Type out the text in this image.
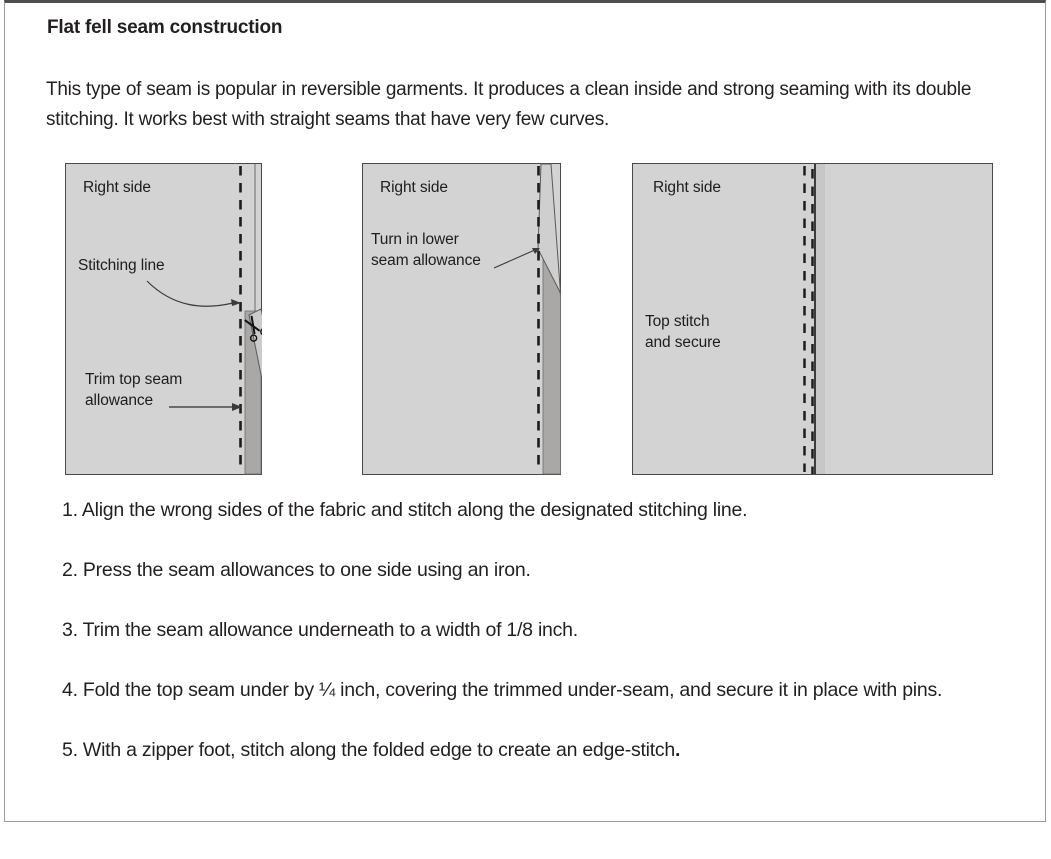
Flat fell seam construction
This type of seam is popular in reversible garments. It produces a clean inside and strong seaming with its double stitching. It works best with straight seams that have very few curves.
Right side
Stitching line
Trim top seam
allowance
Right side
Turn in lower
seam allowance
Right side
Top stitch
and secure

1. Align the wrong sides of the fabric and stitch along the designated stitching line.

2. Press the seam allowances to one side using an iron.

3. Trim the seam allowance underneath to a width of 1/8 inch.

4. Fold the top seam under by ¼ inch, covering the trimmed under-seam, and secure it in place with pins.

5. With a zipper foot, stitch along the folded edge to create an edge-stitch.
